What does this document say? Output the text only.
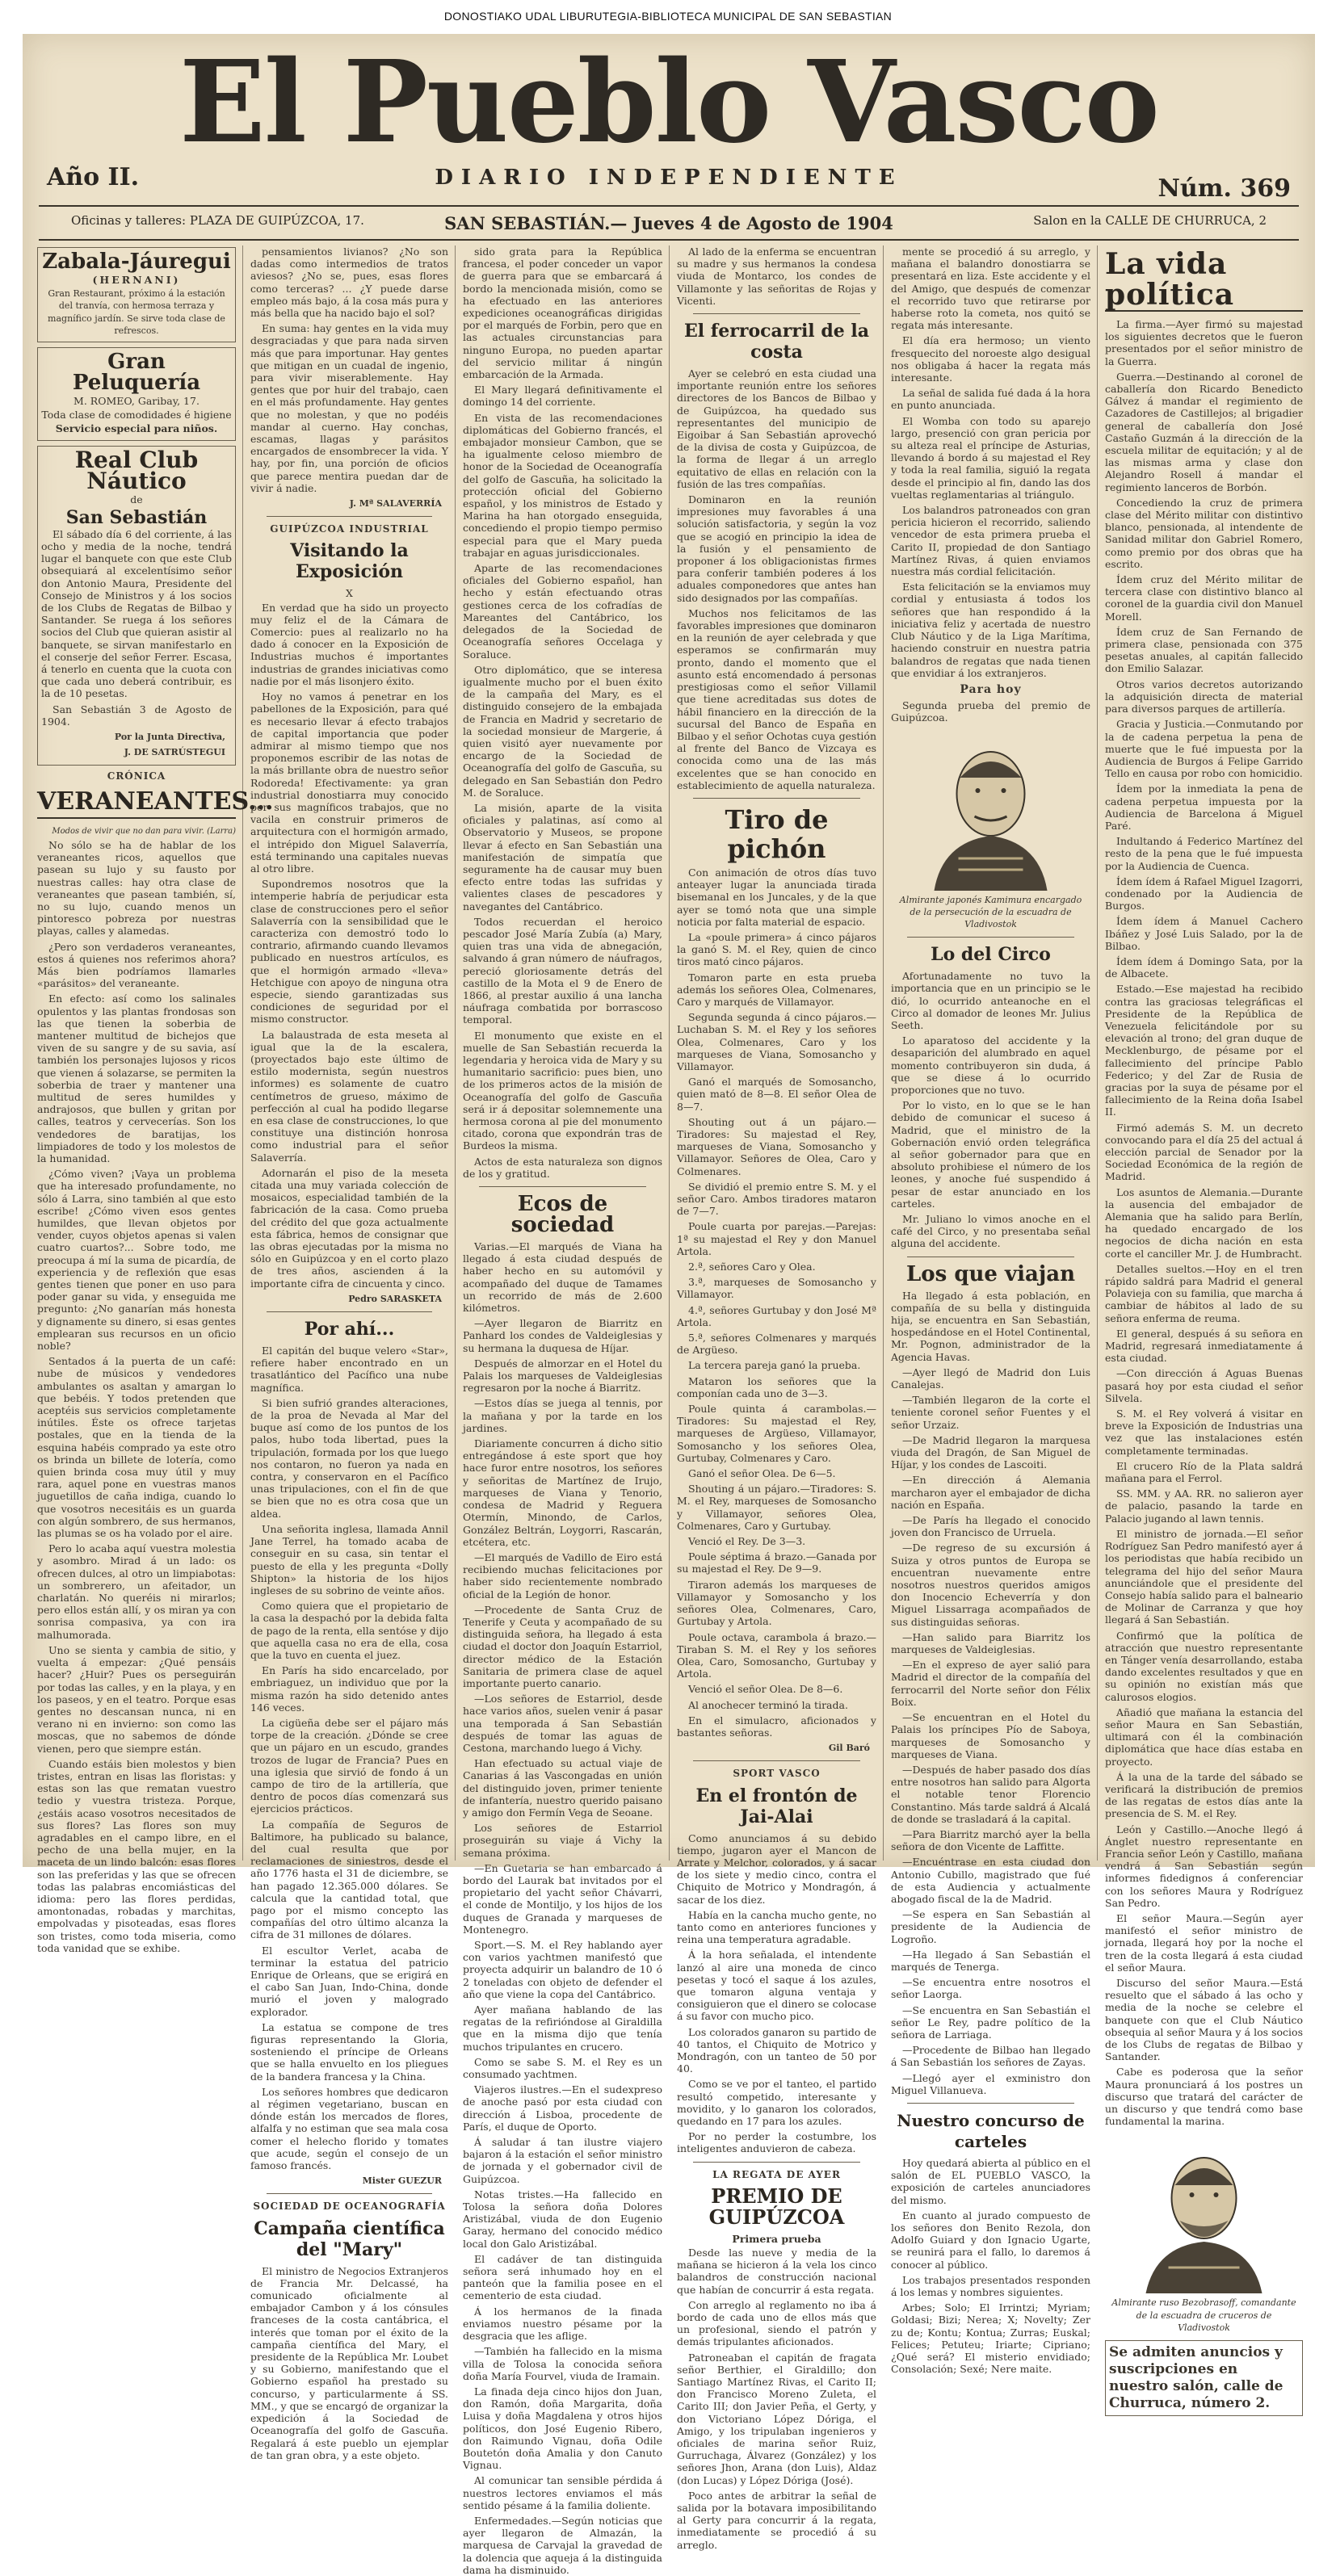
DONOSTIAKO UDAL LIBURUTEGIA-BIBLIOTECA MUNICIPAL DE SAN SEBASTIAN
El Pueblo Vasco
Año II.	DIARIO INDEPENDIENTE	Núm. 369
SAN SEBASTIÁN.— Jueves 4 de Agosto de 1904
Oficinas y talleres: PLAZA DE GUIPÚZCOA, 17.	Salon en la CALLE DE CHURRUCA, 2
Zabala-Jáuregui
(HERNANI)
Gran Restaurant, próximo á la estación del tranvía, con hermosa terraza y magnífico jardín. Se sirve toda clase de refrescos.
Gran Peluquería
M. ROMEO, Garibay, 17.
Toda clase de comodidades é higiene
Servicio especial para niños.
Real Club Náutico
de
San Sebastián

El sábado día 6 del corriente, á las ocho y media de la noche, tendrá lugar el banquete con que este Club obsequiará al excelentísimo señor don Antonio Maura, Presidente del Consejo de Ministros y á los socios de los Clubs de Regatas de Bilbao y Santander. Se ruega á los señores socios del Club que quieran asistir al banquete, se sirvan manifestarlo en el conserje del señor Ferrer. Escasa, á tenerlo en cuenta que la cuota con que cada uno deberá contribuir, es la de 10 pesetas.

San Sebastián 3 de Agosto de 1904.

Por la Junta Directiva,
J. DE SATRÚSTEGUI
CRÓNICA
VERANEANTES...
Modos de vivir que no dan para vivir. (Larra)

No sólo se ha de hablar de los veraneantes ricos, aquellos que pasean su lujo y su fausto por nuestras calles: hay otra clase de veraneantes que pasean también, sí, no su lujo, cuando menos un pintoresco pobreza por nuestras playas, calles y alamedas.

¿Pero son verdaderos veraneantes, estos á quienes nos referimos ahora? Más bien podríamos llamarles «parásitos» del veraneante.

En efecto: así como los salinales opulentos y las plantas frondosas son las que tienen la soberbia de mantener multitud de bichejos que viven de su sangre y de su savia, así también los personajes lujosos y ricos que vienen á solazarse, se permiten la soberbia de traer y mantener una multitud de seres humildes y andrajosos, que bullen y gritan por calles, teatros y cervecerías. Son los vendedores de baratijas, los limpiadores de todo y los molestos de la humanidad.

¿Cómo viven? ¡Vaya un problema que ha interesado profundamente, no sólo á Larra, sino también al que esto escribe! ¿Cómo viven esos gentes humildes, que llevan objetos por vender, cuyos objetos apenas si valen cuatro cuartos?... Sobre todo, me preocupa á mí la suma de picardía, de experiencia y de reflexión que esas gentes tienen que poner en uso para poder ganar su vida, y enseguida me pregunto: ¿No ganarían más honesta y dignamente su dinero, si esas gentes emplearan sus recursos en un oficio noble?

Sentados á la puerta de un café: nube de músicos y vendedores ambulantes os asaltan y amargan lo que bebéis. Y todos pretenden que aceptéis sus servicios completamente inútiles. Éste os ofrece tarjetas postales, que en la tienda de la esquina habéis comprado ya este otro os brinda un billete de lotería, como quien brinda cosa muy útil y muy rara, aquel pone en vuestras manos juguetillos de caña indiga, cuando lo que vosotros necesitáis es un guarda con algún sombrero, de sus hermanos, las plumas se os ha volado por el aire.

Pero lo acaba aquí vuestra molestia y asombro. Mirad á un lado: os ofrecen dulces, al otro un limpiabotas: un sombrerero, un afeitador, un charlatán. No queréis ni mirarlos; pero ellos están allí, y os miran ya con sonrisa compasiva, ya con ira malhumorada.

Uno se sienta y cambia de sitio, y vuelta á empezar: ¿Qué pensáis hacer? ¿Huir? Pues os perseguirán por todas las calles, y en la playa, y en los paseos, y en el teatro. Porque esas gentes no descansan nunca, ni en verano ni en invierno: son como las moscas, que no sabemos de dónde vienen, pero que siempre están.

Cuando estáis bien molestos y bien tristes, entran en lisas las floristas: y estas son las que rematan vuestro tedio y vuestra tristeza. Porque, ¿estáis acaso vosotros necesitados de sus flores? Las flores son muy agradables en el campo libre, en el pecho de una bella mujer, en la maceta de un lindo balcón: esas flores son las preferidas y las que se ofrecen todas las palabras encomiásticas del idioma: pero las flores perdidas, amontonadas, robadas y marchitas, empolvadas y pisoteadas, esas flores son tristes, como toda miseria, como toda vanidad que se exhibe.

pensamientos livianos? ¿No son dadas como intermedios de tratos aviesos? ¿No se, pues, esas flores como terceras? ... ¿Y puede darse empleo más bajo, á la cosa más pura y más bella que ha nacido bajo el sol?

En suma: hay gentes en la vida muy desgraciadas y que para nada sirven más que para importunar. Hay gentes que mitigan en un cuadal de ingenio, para vivir miserablemente. Hay gentes que por huir del trabajo, caen en el más profundamente. Hay gentes que no molestan, y que no podéis mandar al cuerno. Hay conchas, escamas, llagas y parásitos encargados de ensombrecer la vida. Y hay, por fin, una porción de oficios que parece mentira puedan dar de vivir á nadie.

J. Mª SALAVERRÍA
GUIPÚZCOA INDUSTRIAL
Visitando la Exposición
X

En verdad que ha sido un proyecto muy feliz el de la Cámara de Comercio: pues al realizarlo no ha dado á conocer en la Exposición de Industrias muchos é importantes industrias de grandes iniciativas como nadie por el más lisonjero éxito.

Hoy no vamos á penetrar en los pabellones de la Exposición, para qué es necesario llevar á efecto trabajos de capital importancia que poder admirar al mismo tiempo que nos proponemos escribir de las notas de la más brillante obra de nuestro señor Rodoreda! Efectivamente: ya gran industrial donostiarra muy conocido por sus magníficos trabajos, que no vacila en construir primeros de arquitectura con el hormigón armado, el intrépido don Miguel Salaverría, está terminando una capitales nuevas al otro libre.

Supondremos nosotros que la intemperie habría de perjudicar esta clase de construcciones pero el señor Salaverría con la sensibilidad que le caracteriza con demostró todo lo contrario, afirmando cuando llevamos publicado en nuestros artículos, es que el hormigón armado «lleva» Hetchigue con apoyo de ninguna otra especie, siendo garantizadas sus condiciones de seguridad por el mismo constructor.

La balaustrada de esta meseta al igual que la de la escalera, (proyectados bajo este último de estilo modernista, según nuestros informes) es solamente de cuatro centímetros de grueso, máximo de perfección al cual ha podido llegarse en esa clase de construcciones, lo que constituye una distinción honrosa como industrial para el señor Salaverría.

Adornarán el piso de la meseta citada una muy variada colección de mosaicos, especialidad también de la fabricación de la casa. Como prueba del crédito del que goza actualmente esta fábrica, hemos de consignar que las obras ejecutadas por la misma no sólo en Guipúzcoa y en el corto plazo de tres años, ascienden á la importante cifra de cincuenta y cinco.

Pedro SARASKETA
Por ahí...

El capitán del buque velero «Star», refiere haber encontrado en un trasatlántico del Pacífico una nube magnífica.

Si bien sufrió grandes alteraciones, de la proa de Nevada al Mar del buque así como de los puntos de los palos, hubo toda libertad, pues la tripulación, formada por los que luego nos contaron, no fueron ya nada en contra, y conservaron en el Pacífico unas tripulaciones, con el fin de que se bien que no es otra cosa que un aldea.

Una señorita inglesa, llamada Annil Jane Terrel, ha tomado acaba de conseguir en su casa, sin tentar el puesto de ella y les pregunta «Dolly Shipton» la historia de los hijos ingleses de su sobrino de veinte años.

Como quiera que el propietario de la casa la despachó por la debida falta de pago de la renta, ella sentóse y dijo que aquella casa no era de ella, cosa que la tuvo en cuenta el juez.

En París ha sido encarcelado, por embriaguez, un individuo que por la misma razón ha sido detenido antes 146 veces.

La cigüeña debe ser el pájaro más torpe de la creación. ¿Dónde se cree que un pájaro en un escudo, grandes trozos de lugar de Francia? Pues en una iglesia que sirvió de fondo á un campo de tiro de la artillería, que dentro de pocos días comenzará sus ejercicios prácticos.

La compañía de Seguros de Baltimore, ha publicado su balance, del cual resulta que por reclamaciones de siniestros, desde el año 1776 hasta el 31 de diciembre, se han pagado 12.365.000 dólares. Se calcula que la cantidad total, que pago por el mismo concepto las compañías del otro último alcanza la cifra de 31 millones de dólares.

El escultor Verlet, acaba de terminar la estatua del patricio Enrique de Orleans, que se erigirá en el cabo San Juan, Indo-China, donde murió el joven y malogrado explorador.

La estatua se compone de tres figuras representando la Gloria, sosteniendo el príncipe de Orleans que se halla envuelto en los pliegues de la bandera francesa y la China.

Los señores hombres que dedicaron al régimen vegetariano, buscan en dónde están los mercados de flores, alfalfa y no estiman que sea mala cosa comer el helecho florido y tomates que acude, según el consejo de un famoso francés.

Mister GUEZUR
SOCIEDAD DE OCEANOGRAFÍA
Campaña científica del "Mary"

El ministro de Negocios Extranjeros de Francia Mr. Delcassé, ha comunicado oficialmente al embajador Cambon y á los cónsules franceses de la costa cantábrica, el interés que toman por el éxito de la campaña científica del Mary, el presidente de la República Mr. Loubet y su Gobierno, manifestando que el Gobierno español ha prestado su concurso, y particularmente á SS. MM., y que se encargó de organizar la expedición á la Sociedad de Oceanografía del golfo de Gascuña. Regalará á este pueblo un ejemplar de tan gran obra, y a este objeto.

sido grata para la República francesa, el poder conceder un vapor de guerra para que se embarcará á bordo la mencionada misión, como se ha efectuado en las anteriores expediciones oceanográficas dirigidas por el marqués de Forbin, pero que en las actuales circunstancias para ninguno Europa, no pueden apartar del servicio militar á ningún embarcación de la Armada.

El Mary llegará definitivamente el domingo 14 del corriente.

En vista de las recomendaciones diplomáticas del Gobierno francés, el embajador monsieur Cambon, que se ha igualmente celoso miembro de honor de la Sociedad de Oceanografía del golfo de Gascuña, ha solicitado la protección oficial del Gobierno español, y los ministros de Estado y Marina ha han otorgado enseguida, concediendo el propio tiempo permiso especial para que el Mary pueda trabajar en aguas jurisdiccionales.

Aparte de las recomendaciones oficiales del Gobierno español, han hecho y están efectuando otras gestiones cerca de los cofradías de Mareantes del Cantábrico, los delegados de la Sociedad de Oceanografía señores Occelaga y Soraluce.

Otro diplomático, que se interesa igualmente mucho por el buen éxito de la campaña del Mary, es el distinguido consejero de la embajada de Francia en Madrid y secretario de la sociedad monsieur de Margerie, á quien visitó ayer nuevamente por encargo de la Sociedad de Oceanografía del golfo de Gascuña, su delegado en San Sebastián don Pedro M. de Soraluce.

La misión, aparte de la visita oficiales y palatinas, así como al Observatorio y Museos, se propone llevar á efecto en San Sebastián una manifestación de simpatía que seguramente ha de causar muy buen efecto entre todas las sufridas y valientes clases de pescadores y navegantes del Cantábrico.

Todos recuerdan el heroico pescador José María Zubía (a) Mary, quien tras una vida de abnegación, salvando á gran número de náufragos, pereció gloriosamente detrás del castillo de la Mota el 9 de Enero de 1866, al prestar auxilio á una lancha náufraga combatida por borrascoso temporal.

El monumento que existe en el muelle de San Sebastián recuerda la legendaria y heroica vida de Mary y su humanitario sacrificio: pues bien, uno de los primeros actos de la misión de Oceanografía del golfo de Gascuña será ir á depositar solemnemente una hermosa corona al pie del monumento citado, corona que expondrán tras de Burdeos la misma.

Actos de esta naturaleza son dignos de los y gratitud.

Ecos de sociedad

Varias.—El marqués de Viana ha llegado á esta ciudad después de haber hecho en su automóvil y acompañado del duque de Tamames un recorrido de más de 2.600 kilómetros.

—Ayer llegaron de Biarritz en Panhard los condes de Valdeiglesias y su hermana la duquesa de Híjar.

Después de almorzar en el Hotel du Palais los marqueses de Valdeiglesias regresaron por la noche á Biarritz.

—Estos días se juega al tennis, por la mañana y por la tarde en los jardines.

Diariamente concurren á dicho sitio entregándose á este sport que hoy hace furor entre nosotros, los señores y señoritas de Martínez de Irujo, marqueses de Viana y Tenorio, condesa de Madrid y Reguera Otermín, Minondo, de Carlos, González Beltrán, Loygorri, Rascarán, etcétera, etc.

—El marqués de Vadillo de Eiro está recibiendo muchas felicitaciones por haber sido recientemente nombrado oficial de la Legión de honor.

—Procedente de Santa Cruz de Tenerife y Ceuta y acompañado de su distinguida señora, ha llegado á esta ciudad el doctor don Joaquín Estarriol, director médico de la Estación Sanitaria de primera clase de aquel importante puerto canario.

—Los señores de Estarriol, desde hace varios años, suelen venir á pasar una temporada á San Sebastián después de tomar las aguas de Cestona, marchando luego á Vichy.

Han efectuado su actual viaje de Canarias á las Vascongadas en unión del distinguido joven, primer teniente de infantería, nuestro querido paisano y amigo don Fermín Vega de Seoane.

Los señores de Estarriol proseguirán su viaje á Vichy la semana próxima.

—En Guetaria se han embarcado á bordo del Laurak bat invitados por el propietario del yacht señor Chávarri, el conde de Montiljo, y los hijos de los duques de Granada y marqueses de Montenegro.

Sport.—S. M. el Rey hablando ayer con varios yachtmen manifestó que proyecta adquirir un balandro de 10 ó 2 toneladas con objeto de defender el año que viene la copa del Cantábrico.

Ayer mañana hablando de las regatas de la refirióndose al Giraldilla que en la misma dijo que tenía muchos tripulantes en crucero.

Como se sabe S. M. el Rey es un consumado yachtmen.

Viajeros ilustres.—En el sudexpreso de anoche pasó por esta ciudad con dirección á Lisboa, procedente de París, el duque de Oporto.

Á saludar á tan ilustre viajero bajaron á la estación el señor ministro de jornada y el gobernador civil de Guipúzcoa.

Notas tristes.—Ha fallecido en Tolosa la señora doña Dolores Aristizábal, viuda de don Eugenio Garay, hermano del conocido médico local don Galo Aristizábal.

El cadáver de tan distinguida señora será inhumado hoy en el panteón que la familia posee en el cementerio de esta ciudad.

Á los hermanos de la finada enviamos nuestro pésame por la desgracia que les aflige.

—También ha fallecido en la misma villa de Tolosa la conocida señora doña María Fourvel, viuda de Iramain.

La finada deja cinco hijos don Juan, don Ramón, doña Margarita, doña Luisa y doña Magdalena y otros hijos políticos, don José Eugenio Ribero, don Raimundo Vignau, doña Odile Boutetón doña Amalia y don Canuto Vignau.

Al comunicar tan sensible pérdida á nuestros lectores enviamos el más sentido pésame á la familia doliente.

Enfermedades.—Según noticias que ayer llegaron de Almazán, la marquesa de Carvajal la gravedad de la dolencia que aqueja á la distinguida dama ha disminuido.

Al lado de la enferma se encuentran su madre y sus hermanos la condesa viuda de Montarco, los condes de Villamonte y las señoritas de Rojas y Vicenti.

El ferrocarril de la costa

Ayer se celebró en esta ciudad una importante reunión entre los señores directores de los Bancos de Bilbao y de Guipúzcoa, ha quedado sus representantes del municipio de Eigoibar á San Sebastián aprovechó de la divisa de costa y Guipúzcoa, de la forma de llegar á un arreglo equitativo de ellas en relación con la fusión de las tres compañías.

Dominaron en la reunión impresiones muy favorables á una solución satisfactoria, y según la voz que se acogió en principio la idea de la fusión y el pensamiento de proponer á los obligacionistas firmes para conferir también poderes á los aduales componedores que antes han sido designados por las compañías.

Muchos nos felicitamos de las favorables impresiones que dominaron en la reunión de ayer celebrada y que esperamos se confirmarán muy pronto, dando el momento que el asunto está encomendado á personas prestigiosas como el señor Villamil que tiene acreditadas sus dotes de hábil financiero en la dirección de la sucursal del Banco de España en Bilbao y el señor Ochotas cuya gestión al frente del Banco de Vizcaya es conocida como una de las más excelentes que se han conocido en establecimiento de aquella naturaleza.

Tiro de pichón

Con animación de otros días tuvo anteayer lugar la anunciada tirada bisemanal en los Juncales, y de la que ayer se tomó nota que una simple noticia por falta material de espacio.

La «poule primera» á cinco pájaros la ganó S. M. el Rey, quien de cinco tiros mató cinco pájaros.

Tomaron parte en esta prueba además los señores Olea, Colmenares, Caro y marqués de Villamayor.

Segunda segunda á cinco pájaros.—Luchaban S. M. el Rey y los señores Olea, Colmenares, Caro y los marqueses de Viana, Somosancho y Villamayor.

Ganó el marqués de Somosancho, quien mató de 8—8. El señor Olea de 8—7.

Shouting out á un pájaro.—Tiradores: Su majestad el Rey, marqueses de Viana, Somosancho y Villamayor. Señores de Olea, Caro y Colmenares.

Se dividió el premio entre S. M. y el señor Caro. Ambos tiradores mataron de 7—7.

Poule cuarta por parejas.—Parejas: 1ª su majestad el Rey y don Manuel Artola.

2.ª, señores Caro y Olea.

3.ª, marqueses de Somosancho y Villamayor.

4.ª, señores Gurtubay y don José Mª Artola.

5.ª, señores Colmenares y marqués de Argüeso.

La tercera pareja ganó la prueba.

Mataron los señores que la componían cada uno de 3—3.

Poule quinta á carambolas.—Tiradores: Su majestad el Rey, marqueses de Argüeso, Villamayor, Somosancho y los señores Olea, Gurtubay, Colmenares y Caro.

Ganó el señor Olea. De 6—5.

Shouting á un pájaro.—Tiradores: S. M. el Rey, marqueses de Somosancho y Villamayor, señores Olea, Colmenares, Caro y Gurtubay.

Venció el Rey. De 3—3.

Poule séptima á brazo.—Ganada por su majestad el Rey. De 9—9.

Tiraron además los marqueses de Villamayor y Somosancho y los señores Olea, Colmenares, Caro, Gurtubay y Artola.

Poule octava, carambola á brazo.—Tiraban S. M. el Rey y los señores Olea, Caro, Somosancho, Gurtubay y Artola.

Venció el señor Olea. De 8—6.

Al anochecer terminó la tirada.

En el simulacro, aficionados y bastantes señoras.

Gil Baró
SPORT VASCO
En el frontón de Jai-Alai

Como anunciamos á su debido tiempo, jugaron ayer el Mancon de Arrate y Melchor, colorados, y á sacar de los siete y medio cinco, contra el Chiquito de Motrico y Mondragón, á sacar de los diez.

Había en la cancha mucho gente, no tanto como en anteriores funciones y reina una temperatura agradable.

Á la hora señalada, el intendente lanzó al aire una moneda de cinco pesetas y tocó el saque á los azules, que tomaron alguna ventaja y consiguieron que el dinero se colocase á su favor con mucho pico.

Los colorados ganaron su partido de 40 tantos, el Chiquito de Motrico y Mondragón, con un tanteo de 50 por 40.

Como se ve por el tanteo, el partido resultó competido, interesante y movidito, y lo ganaron los colorados, quedando en 17 para los azules.

Por no perder la costumbre, los inteligentes anduvieron de cabeza.

LA REGATA DE AYER
PREMIO DE GUIPÚZCOA
Primera prueba

Desde las nueve y media de la mañana se hicieron á la vela los cinco balandros de construcción nacional que habían de concurrir á esta regata.

Con arreglo al reglamento no iba á bordo de cada uno de ellos más que un profesional, siendo el patrón y demás tripulantes aficionados.

Patroneaban el capitán de fragata señor Berthier, el Giraldillo; don Santiago Martínez Rivas, el Carito II; don Francisco Moreno Zuleta, el Carito III; don Javier Peña, el Gerty, y don Victoriano López Dóriga, el Amigo, y los tripulaban ingenieros y oficiales de marina señor Ruiz, Gurruchaga, Álvarez (González) y los señores Jhon, Arana (don Luis), Aldaz (don Lucas) y López Dóriga (José).

Poco antes de arbitrar la señal de salida por la botavara imposibilitando al Gerty para concurrir á la regata, inmediatamente se procedió á su arreglo.

mente se procedió á su arreglo, y mañana el balandro donostiarra se presentará en liza. Este accidente y el del Amigo, que después de comenzar el recorrido tuvo que retirarse por haberse roto la cometa, nos quitó se regata más interesante.

El día era hermoso; un viento fresquecito del noroeste algo desigual nos obligaba á hacer la regata más interesante.

La señal de salida fué dada á la hora en punto anunciada.

El Womba con todo su aparejo largo, presenció con gran pericia por su alteza real el príncipe de Asturias, llevando á bordo á su majestad el Rey y toda la real familia, siguió la regata desde el principio al fin, dando las dos vueltas reglamentarias al triángulo.

Los balandros patroneados con gran pericia hicieron el recorrido, saliendo vencedor de esta primera prueba el Carito II, propiedad de don Santiago Martínez Rivas, á quien enviamos nuestra más cordial felicitación.

Esta felicitación se la enviamos muy cordial y entusiasta á todos los señores que han respondido á la iniciativa feliz y acertada de nuestro Club Náutico y de la Liga Marítima, haciendo construir en nuestra patria balandros de regatas que nada tienen que envidiar á los extranjeros.

Para hoy

Segunda prueba del premio de Guipúzcoa.

Almirante japonés Kamimura encargado de la persecución de la escuadra de Vladivostok
Lo del Circo

Afortunadamente no tuvo la importancia que en un principio se le dió, lo ocurrido anteanoche en el Circo al domador de leones Mr. Julius Seeth.

Lo aparatoso del accidente y la desaparición del alumbrado en aquel momento contribuyeron sin duda, á que se diese á lo ocurrido proporciones que no tuvo.

Por lo visto, en lo que se le han debido de comunicar el suceso á Madrid, que el ministro de la Gobernación envió orden telegráfica al señor gobernador para que en absoluto prohibiese el número de los leones, y anoche fué suspendido á pesar de estar anunciado en los carteles.

Mr. Juliano lo vimos anoche en el café del Circo, y no presentaba señal alguna del accidente.

Los que viajan

Ha llegado á esta población, en compañía de su bella y distinguida hija, se encuentra en San Sebastián, hospedándose en el Hotel Continental, Mr. Pognon, administrador de la Agencia Havas.

—Ayer llegó de Madrid don Luis Canalejas.

—También llegaron de la corte el teniente coronel señor Fuentes y el señor Urzaiz.

—De Madrid llegaron la marquesa viuda del Dragón, de San Miguel de Híjar, y los condes de Lascoiti.

—En dirección á Alemania marcharon ayer el embajador de dicha nación en España.

—De París ha llegado el conocido joven don Francisco de Urruela.

—De regreso de su excursión á Suiza y otros puntos de Europa se encuentran nuevamente entre nosotros nuestros queridos amigos don Inocencio Echeverría y don Miguel Lissarraga acompañados de sus distinguidas señoras.

—Han salido para Biarritz los marqueses de Valdeiglesias.

—En el expreso de ayer salió para Madrid el director de la compañía del ferrocarril del Norte señor don Félix Boix.

—Se encuentran en el Hotel du Palais los príncipes Pío de Saboya, marqueses de Somosancho y marqueses de Viana.

—Después de haber pasado dos días entre nosotros han salido para Algorta el notable tenor Florencio Constantino. Más tarde saldrá á Alcalá de donde se trasladará á la capital.

—Para Biarritz marchó ayer la bella señora de don Vicente de Laffitte.

—Encuéntrase en esta ciudad don Antonio Cubillo, magistrado que fué de esta Audiencia y actualmente abogado fiscal de la de Madrid.

—Se espera en San Sebastián al presidente de la Audiencia de Logroño.

—Ha llegado á San Sebastián el marqués de Tenerga.

—Se encuentra entre nosotros el señor Laorga.

—Se encuentra en San Sebastián el señor Le Rey, padre político de la señora de Larriaga.

—Procedente de Bilbao han llegado á San Sebastián los señores de Zayas.

—Llegó ayer el exministro don Miguel Villanueva.

Nuestro concurso de carteles

Hoy quedará abierta al público en el salón de EL PUEBLO VASCO, la exposición de carteles anunciadores del mismo.

En cuanto al jurado compuesto de los señores don Benito Rezola, don Adolfo Guiard y don Ignacio Ugarte, se reunirá para el fallo, lo daremos á conocer al público.

Los trabajos presentados responden á los lemas y nombres siguientes.

Arbes; Solo; El Irrintzi; Myriam; Goldasi; Bizi; Nerea; X; Novelty; Zer zu de; Kontu; Kontua; Zurras; Euskal; Felices; Petuteu; Iriarte; Cipriano; ¿Qué será? El misterio envidiado; Consolación; Sexé; Nere maite.

La vida política

La firma.—Ayer firmó su majestad los siguientes decretos que le fueron presentados por el señor ministro de la Guerra.

Guerra.—Destinando al coronel de caballería don Ricardo Benedicto Gálvez á mandar el regimiento de Cazadores de Castillejos; al brigadier general de caballería don José Castaño Guzmán á la dirección de la escuela militar de equitación; y al de las mismas arma y clase don Alejandro Rosell á mandar el regimiento lanceros de Borbón.

Concediendo la cruz de primera clase del Mérito militar con distintivo blanco, pensionada, al intendente de Sanidad militar don Gabriel Romero, como premio por dos obras que ha escrito.

Ídem cruz del Mérito militar de tercera clase con distintivo blanco al coronel de la guardia civil don Manuel Morell.

Ídem cruz de San Fernando de primera clase, pensionada con 375 pesetas anuales, al capitán fallecido don Emilio Salazar.

Otros varios decretos autorizando la adquisición directa de material para diversos parques de artillería.

Gracia y Justicia.—Conmutando por la de cadena perpetua la pena de muerte que le fué impuesta por la Audiencia de Burgos á Felipe Garrido Tello en causa por robo con homicidio.

Ídem por la inmediata la pena de cadena perpetua impuesta por la Audiencia de Barcelona á Miguel Paré.

Indultando á Federico Martínez del resto de la pena que le fué impuesta por la Audiencia de Cuenca.

Ídem ídem á Rafael Miguel Izagorri, condenado por la Audiencia de Burgos.

Ídem ídem á Manuel Cachero Ibáñez y José Luis Salado, por la de Bilbao.

Ídem ídem á Domingo Sata, por la de Albacete.

Estado.—Ese majestad ha recibido contra las graciosas telegráficas el Presidente de la República de Venezuela felicitándole por su elevación al trono; del gran duque de Mecklenburgo, de pésame por el fallecimiento del príncipe Pablo Federico; y del Zar de Rusia de gracias por la suya de pésame por el fallecimiento de la Reina doña Isabel II.

Firmó además S. M. un decreto convocando para el día 25 del actual á elección parcial de Senador por la Sociedad Económica de la región de Madrid.

Los asuntos de Alemania.—Durante la ausencia del embajador de Alemania que ha salido para Berlín, ha quedado encargado de los negocios de dicha nación en esta corte el canciller Mr. J. de Humbracht.

Detalles sueltos.—Hoy en el tren rápido saldrá para Madrid el general Polavieja con su familia, que marcha á cambiar de hábitos al lado de su señora enferma de reuma.

El general, después á su señora en Madrid, regresará inmediatamente á esta ciudad.

—Con dirección á Aguas Buenas pasará hoy por esta ciudad el señor Silvela.

S. M. el Rey volverá á visitar en breve la Exposición de Industrias una vez que las instalaciones estén completamente terminadas.

El crucero Río de la Plata saldrá mañana para el Ferrol.

SS. MM. y AA. RR. no salieron ayer de palacio, pasando la tarde en Palacio jugando al lawn tennis.

El ministro de jornada.—El señor Rodríguez San Pedro manifestó ayer á los periodistas que había recibido un telegrama del hijo del señor Maura anunciándole que el presidente del Consejo había salido para el balneario de Molinar de Carranza y que hoy llegará á San Sebastián.

Confirmó que la política de atracción que nuestro representante en Tánger venía desarrollando, estaba dando excelentes resultados y que en su opinión no existían más que calurosos elogios.

Añadió que mañana la estancia del señor Maura en San Sebastián, ultimará con él la combinación diplomática que hace días estaba en proyecto.

Á la una de la tarde del sábado se verificará la distribución de premios de las regatas de estos días ante la presencia de S. M. el Rey.

León y Castillo.—Anoche llegó á Ánglet nuestro representante en Francia señor León y Castillo, mañana vendrá á San Sebastián según informes fidedignos á conferenciar con los señores Maura y Rodríguez San Pedro.

El señor Maura.—Según ayer manifestó el señor ministro de jornada, llegará hoy por la noche el tren de la costa llegará á esta ciudad el señor Maura.

Discurso del señor Maura.—Está resuelto que el sábado á las ocho y media de la noche se celebre el banquete con que el Club Náutico obsequia al señor Maura y á los socios de los Clubs de regatas de Bilbao y Santander.

Cabe es poderosa que la señor Maura pronunciará á los postres un discurso que tratará del carácter de un discurso y que tendrá como base fundamental la marina.

Almirante ruso Bezobrasoff, comandante de la escuadra de cruceros de Vladivostok
Se admiten anuncios y suscripciones en nuestro salón, calle de Churruca, número 2.
